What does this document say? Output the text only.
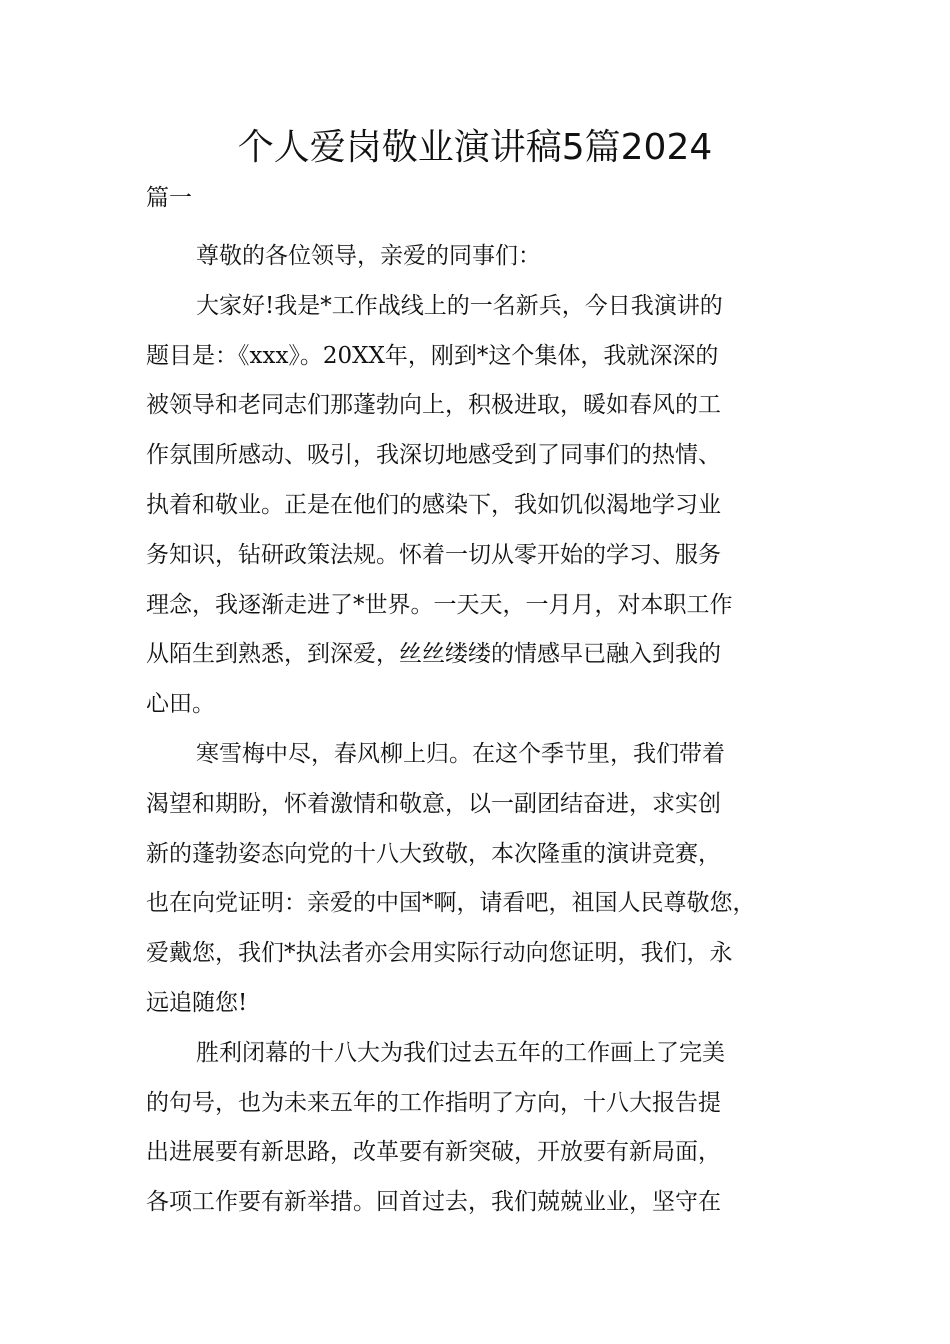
个人爱岗敬业演讲稿5篇2024

篇一

尊敬的各位领导，亲爱的同事们：

大家好!我是*工作战线上的一名新兵，今日我演讲的
题目是：《xxx》。20XX年，刚到*这个集体，我就深深的
被领导和老同志们那蓬勃向上，积极进取，暖如春风的工
作氛围所感动、吸引，我深切地感受到了同事们的热情、
执着和敬业。正是在他们的感染下，我如饥似渴地学习业
务知识，钻研政策法规。怀着一切从零开始的学习、服务
理念，我逐渐走进了*世界。一天天，一月月，对本职工作
从陌生到熟悉，到深爱，丝丝缕缕的情感早已融入到我的
心田。

寒雪梅中尽，春风柳上归。在这个季节里，我们带着
渴望和期盼，怀着激情和敬意，以一副团结奋进，求实创
新的蓬勃姿态向党的十八大致敬，本次隆重的演讲竞赛，
也在向党证明：亲爱的中国*啊，请看吧，祖国人民尊敬您，
爱戴您，我们*执法者亦会用实际行动向您证明，我们，永
远追随您!

胜利闭幕的十八大为我们过去五年的工作画上了完美
的句号，也为未来五年的工作指明了方向，十八大报告提
出进展要有新思路，改革要有新突破，开放要有新局面，
各项工作要有新举措。回首过去，我们兢兢业业，坚守在
